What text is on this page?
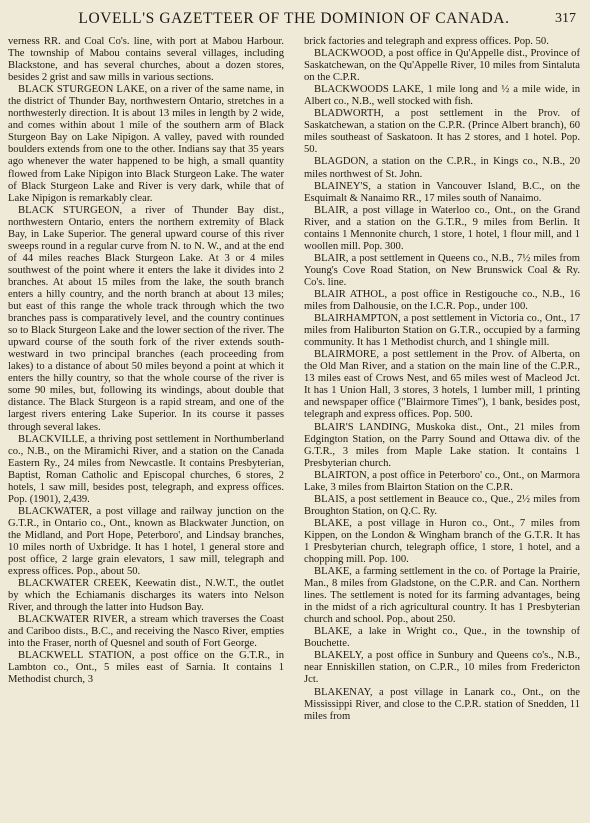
LOVELL'S GAZETTEER OF THE DOMINION OF CANADA.	317

verness RR. and Coal Co's. line, with port at Mabou Harbour. The township of Mabou contains several villages, including Blackstone, and has several churches, about a dozen stores, besides 2 grist and saw mills in various sections.

BLACK STURGEON LAKE, on a river of the same name, in the district of Thunder Bay, northwestern Ontario, stretches in a northwesterly direction. It is about 13 miles in length by 2 wide, and comes within about 1 mile of the southern arm of Black Sturgeon Bay on Lake Nipigon. A valley, paved with rounded boulders extends from one to the other. Indians say that 35 years ago whenever the water happened to be high, a small quantity flowed from Lake Nipigon into Black Sturgeon Lake. The water of Black Sturgeon Lake and River is very dark, while that of Lake Nipigon is remarkably clear.

BLACK STURGEON, a river of Thunder Bay dist., northwestern Ontario, enters the northern extremity of Black Bay, in Lake Superior. The general upward course of this river sweeps round in a regular curve from N. to N. W., and at the end of 44 miles reaches Black Sturgeon Lake. At 3 or 4 miles southwest of the point where it enters the lake it divides into 2 branches. At about 15 miles from the lake, the south branch enters a hilly country, and the north branch at about 13 miles; but east of this range the whole track through which the two branches pass is comparatively level, and the country continues so to Black Sturgeon Lake and the lower section of the river. The upward course of the south fork of the river extends south-westward in two principal branches (each proceeding from lakes) to a distance of about 50 miles beyond a point at which it enters the hilly country, so that the whole course of the river is some 90 miles, but, following its windings, about double that distance. The Black Sturgeon is a rapid stream, and one of the largest rivers entering Lake Superior. In its course it passes through several lakes.

BLACKVILLE, a thriving post settlement in Northumberland co., N.B., on the Miramichi River, and a station on the Canada Eastern Ry., 24 miles from Newcastle. It contains Presbyterian, Baptist, Roman Catholic and Episcopal churches, 6 stores, 2 hotels, 1 saw mill, besides post, telegraph, and express offices. Pop. (1901), 2,439.

BLACKWATER, a post village and railway junction on the G.T.R., in Ontario co., Ont., known as Blackwater Junction, on the Midland, and Port Hope, Peterboro', and Lindsay branches, 10 miles north of Uxbridge. It has 1 hotel, 1 general store and post office, 2 large grain elevators, 1 saw mill, telegraph and express offices. Pop., about 50.

BLACKWATER CREEK, Keewatin dist., N.W.T., the outlet by which the Echiamanis discharges its waters into Nelson River, and through the latter into Hudson Bay.

BLACKWATER RIVER, a stream which traverses the Coast and Cariboo dists., B.C., and receiving the Nasco River, empties into the Fraser, north of Quesnel and south of Fort George.

BLACKWELL STATION, a post office on the G.T.R., in Lambton co., Ont., 5 miles east of Sarnia. It contains 1 Methodist church, 3

brick factories and telegraph and express offices. Pop. 50.

BLACKWOOD, a post office in Qu'Appelle dist., Province of Saskatchewan, on the Qu'Appelle River, 10 miles from Sintaluta on the C.P.R.

BLACKWOODS LAKE, 1 mile long and ½ a mile wide, in Albert co., N.B., well stocked with fish.

BLADWORTH, a post settlement in the Prov. of Saskatchewan, a station on the C.P.R. (Prince Albert branch), 60 miles southeast of Saskatoon. It has 2 stores, and 1 hotel. Pop. 50.

BLAGDON, a station on the C.P.R., in Kings co., N.B., 20 miles northwest of St. John.

BLAINEY'S, a station in Vancouver Island, B.C., on the Esquimalt & Nanaimo RR., 17 miles south of Nanaimo.

BLAIR, a post village in Waterloo co., Ont., on the Grand River, and a station on the G.T.R., 9 miles from Berlin. It contains 1 Mennonite church, 1 store, 1 hotel, 1 flour mill, and 1 woollen mill. Pop. 300.

BLAIR, a post settlement in Queens co., N.B., 7½ miles from Young's Cove Road Station, on New Brunswick Coal & Ry. Co's. line.

BLAIR ATHOL, a post office in Restigouche co., N.B., 16 miles from Dalhousie, on the I.C.R. Pop., under 100.

BLAIRHAMPTON, a post settlement in Victoria co., Ont., 17 miles from Haliburton Station on G.T.R., occupied by a farming community. It has 1 Methodist church, and 1 shingle mill.

BLAIRMORE, a post settlement in the Prov. of Alberta, on the Old Man River, and a station on the main line of the C.P.R., 13 miles east of Crows Nest, and 65 miles west of Macleod Jct. It has 1 Union Hall, 3 stores, 3 hotels, 1 lumber mill, 1 printing and newspaper office ("Blairmore Times"), 1 bank, besides post, telegraph and express offices. Pop. 500.

BLAIR'S LANDING, Muskoka dist., Ont., 21 miles from Edgington Station, on the Parry Sound and Ottawa div. of the G.T.R., 3 miles from Maple Lake station. It contains 1 Presbyterian church.

BLAIRTON, a post office in Peterboro' co., Ont., on Marmora Lake, 3 miles from Blairton Station on the C.P.R.

BLAIS, a post settlement in Beauce co., Que., 2½ miles from Broughton Station, on Q.C. Ry.

BLAKE, a post village in Huron co., Ont., 7 miles from Kippen, on the London & Wingham branch of the G.T.R. It has 1 Presbyterian church, telegraph office, 1 store, 1 hotel, and a chopping mill. Pop. 100.

BLAKE, a farming settlement in the co. of Portage la Prairie, Man., 8 miles from Gladstone, on the C.P.R. and Can. Northern lines. The settlement is noted for its farming advantages, being in the midst of a rich agricultural country. It has 1 Presbyterian church and school. Pop., about 250.

BLAKE, a lake in Wright co., Que., in the township of Bouchette.

BLAKELY, a post office in Sunbury and Queens co's., N.B., near Enniskillen station, on C.P.R., 10 miles from Fredericton Jct.

BLAKENAY, a post village in Lanark co., Ont., on the Mississippi River, and close to the C.P.R. station of Snedden, 11 miles from
